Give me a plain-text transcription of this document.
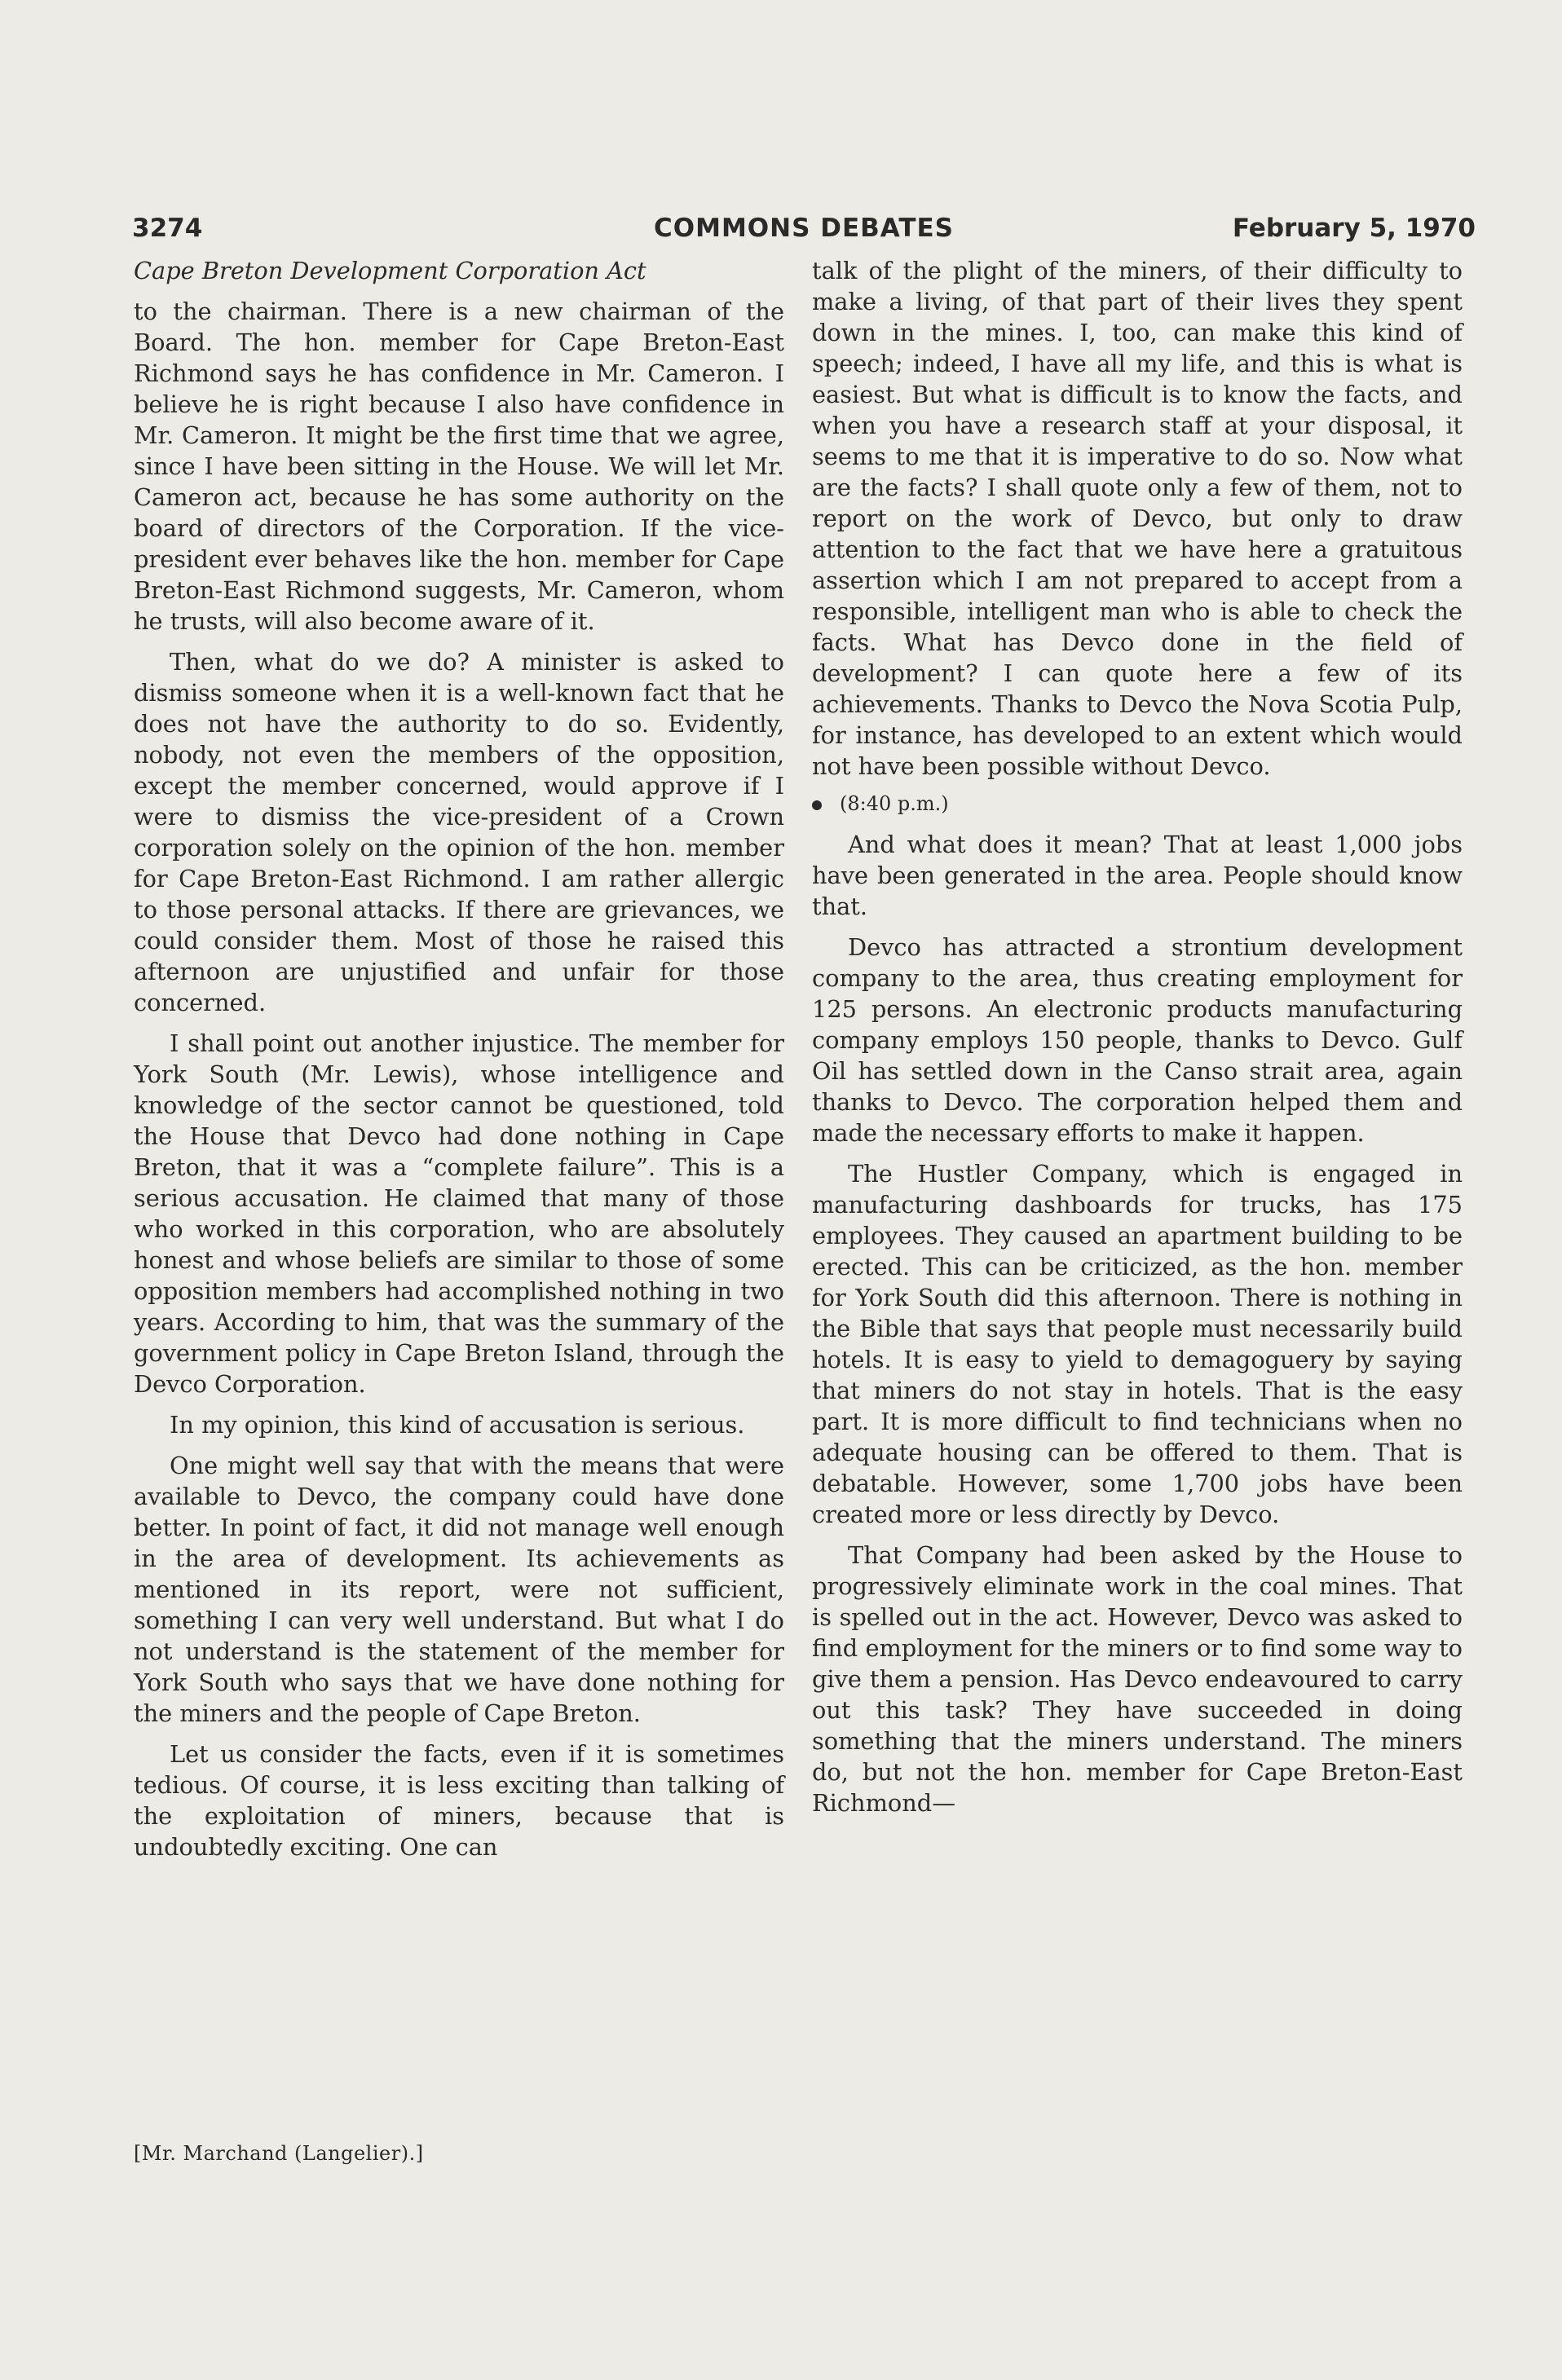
3274	COMMONS DEBATES	February 5, 1970

Cape Breton Development Corporation Act

to the chairman. There is a new chairman of the Board. The hon. member for Cape Breton-East Richmond says he has confidence in Mr. Cameron. I believe he is right because I also have confidence in Mr. Cameron. It might be the first time that we agree, since I have been sitting in the House. We will let Mr. Cameron act, because he has some authority on the board of directors of the Corporation. If the vice-president ever behaves like the hon. member for Cape Breton-East Richmond suggests, Mr. Cameron, whom he trusts, will also become aware of it.

Then, what do we do? A minister is asked to dismiss someone when it is a well-known fact that he does not have the authority to do so. Evidently, nobody, not even the members of the opposition, except the member concerned, would approve if I were to dismiss the vice-president of a Crown corporation solely on the opinion of the hon. member for Cape Breton-East Richmond. I am rather allergic to those personal attacks. If there are grievances, we could consider them. Most of those he raised this afternoon are unjustified and unfair for those concerned.

I shall point out another injustice. The member for York South (Mr. Lewis), whose intelligence and knowledge of the sector cannot be questioned, told the House that Devco had done nothing in Cape Breton, that it was a “complete failure”. This is a serious accusation. He claimed that many of those who worked in this corporation, who are absolutely honest and whose beliefs are similar to those of some opposition members had accomplished nothing in two years. According to him, that was the summary of the government policy in Cape Breton Island, through the Devco Corporation.

In my opinion, this kind of accusation is serious.

One might well say that with the means that were available to Devco, the company could have done better. In point of fact, it did not manage well enough in the area of development. Its achievements as mentioned in its report, were not sufficient, something I can very well understand. But what I do not understand is the statement of the member for York South who says that we have done nothing for the miners and the people of Cape Breton.

Let us consider the facts, even if it is sometimes tedious. Of course, it is less exciting than talking of the exploitation of miners, because that is undoubtedly exciting. One can

talk of the plight of the miners, of their difficulty to make a living, of that part of their lives they spent down in the mines. I, too, can make this kind of speech; indeed, I have all my life, and this is what is easiest. But what is difficult is to know the facts, and when you have a research staff at your disposal, it seems to me that it is imperative to do so. Now what are the facts? I shall quote only a few of them, not to report on the work of Devco, but only to draw attention to the fact that we have here a gratuitous assertion which I am not prepared to accept from a responsible, intelligent man who is able to check the facts. What has Devco done in the field of development? I can quote here a few of its achievements. Thanks to Devco the Nova Scotia Pulp, for instance, has developed to an extent which would not have been possible without Devco.

(8:40 p.m.)

And what does it mean? That at least 1,000 jobs have been generated in the area. People should know that.

Devco has attracted a strontium development company to the area, thus creating employment for 125 persons. An electronic products manufacturing company employs 150 people, thanks to Devco. Gulf Oil has settled down in the Canso strait area, again thanks to Devco. The corporation helped them and made the necessary efforts to make it happen.

The Hustler Company, which is engaged in manufacturing dashboards for trucks, has 175 employees. They caused an apartment building to be erected. This can be criticized, as the hon. member for York South did this afternoon. There is nothing in the Bible that says that people must necessarily build hotels. It is easy to yield to demagoguery by saying that miners do not stay in hotels. That is the easy part. It is more difficult to find technicians when no adequate housing can be offered to them. That is debatable. However, some 1,700 jobs have been created more or less directly by Devco.

That Company had been asked by the House to progressively eliminate work in the coal mines. That is spelled out in the act. However, Devco was asked to find employment for the miners or to find some way to give them a pension. Has Devco endeavoured to carry out this task? They have succeeded in doing something that the miners understand. The miners do, but not the hon. member for Cape Breton-East Richmond—

[Mr. Marchand (Langelier).]
